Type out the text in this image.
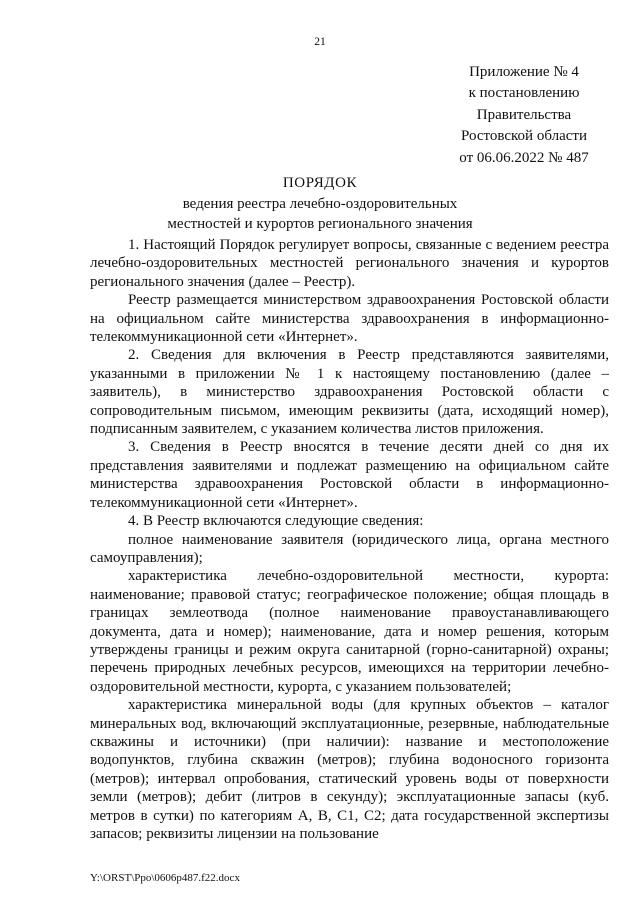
21
Приложение № 4
к постановлению
Правительства
Ростовской области
от 06.06.2022 № 487
ПОРЯДОК
ведения реестра лечебно-оздоровительных
местностей и курортов регионального значения

1. Настоящий Порядок регулирует вопросы, связанные с ведением реестра лечебно-оздоровительных местностей регионального значения и курортов регионального значения (далее – Реестр).

Реестр размещается министерством здравоохранения Ростовской области на официальном сайте министерства здравоохранения в информационно-телекоммуникационной сети «Интернет».

2. Сведения для включения в Реестр представляются заявителями, указанными в приложении № 1 к настоящему постановлению (далее – заявитель), в министерство здравоохранения Ростовской области с сопроводительным письмом, имеющим реквизиты (дата, исходящий номер), подписанным заявителем, с указанием количества листов приложения.

3. Сведения в Реестр вносятся в течение десяти дней со дня их представления заявителями и подлежат размещению на официальном сайте министерства здравоохранения Ростовской области в информационно-телекоммуникационной сети «Интернет».

4. В Реестр включаются следующие сведения:

полное наименование заявителя (юридического лица, органа местного самоуправления);

характеристика лечебно-оздоровительной местности, курорта: наименование; правовой статус; географическое положение; общая площадь в границах землеотвода (полное наименование правоустанавливающего документа, дата и номер); наименование, дата и номер решения, которым утверждены границы и режим округа санитарной (горно-санитарной) охраны; перечень природных лечебных ресурсов, имеющихся на территории лечебно-оздоровительной местности, курорта, с указанием пользователей;

характеристика минеральной воды (для крупных объектов – каталог минеральных вод, включающий эксплуатационные, резервные, наблюдательные скважины и источники) (при наличии): название и местоположение водопунктов, глубина скважин (метров); глубина водоносного горизонта (метров); интервал опробования, статический уровень воды от поверхности земли (метров); дебит (литров в секунду); эксплуатационные запасы (куб. метров в сутки) по категориям А, В, С1, С2; дата государственной экспертизы запасов; реквизиты лицензии на пользование

Y:\ORST\Ppo\0606p487.f22.docx
